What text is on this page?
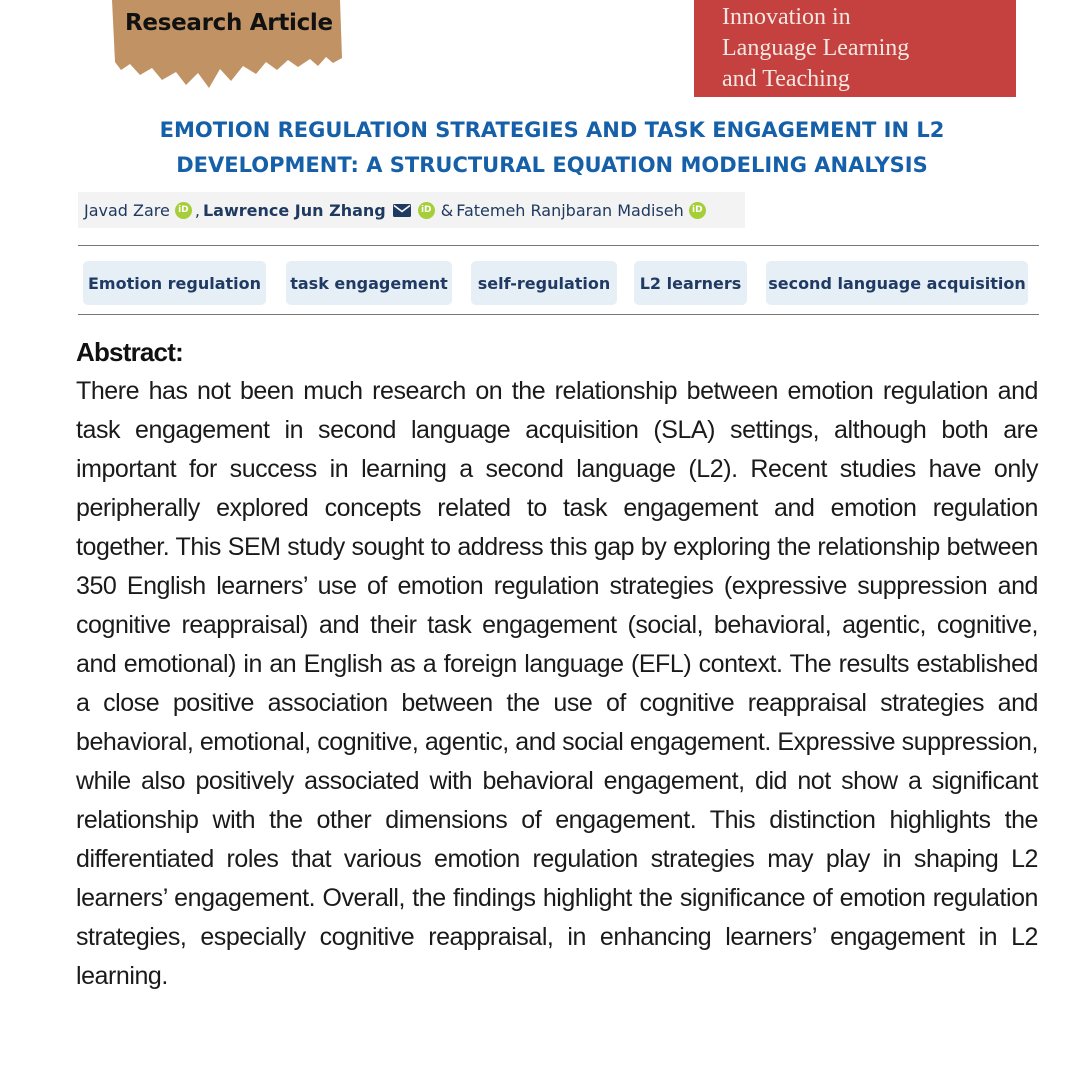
Research Article	Innovation in
Language Learning
and Teaching
EMOTION REGULATION STRATEGIES AND TASK ENGAGEMENT IN L2
DEVELOPMENT: A STRUCTURAL EQUATION MODELING ANALYSIS
Javad Zare iD , Lawrence Jun Zhang	iD & Fatemeh Ranjbaran Madiseh iD
Emotion regulation	task engagement	self-regulation	L2 learners	second language acquisition
Abstract:
There has not been much research on the relationship between emotion regulation and task engagement in second language acquisition (SLA) settings, although both are important for success in learning a second language (L2). Recent studies have only peripherally explored concepts related to task engagement and emotion regulation together. This SEM study sought to address this gap by exploring the relationship between 350 English learners’ use of emotion regulation strategies (expressive suppression and cognitive reappraisal) and their task engagement (social, behavioral, agentic, cognitive, and emotional) in an English as a foreign language (EFL) context. The results established a close positive association between the use of cognitive reappraisal strategies and behavioral, emotional, cognitive, agentic, and social engagement. Expressive suppression, while also positively associated with behavioral engagement, did not show a significant relationship with the other dimensions of engagement. This distinction highlights the differentiated roles that various emotion regulation strategies may play in shaping L2 learners’ engagement. Overall, the findings highlight the significance of emotion regulation strategies, especially cognitive reappraisal, in enhancing learners’ engagement in L2 learning.
